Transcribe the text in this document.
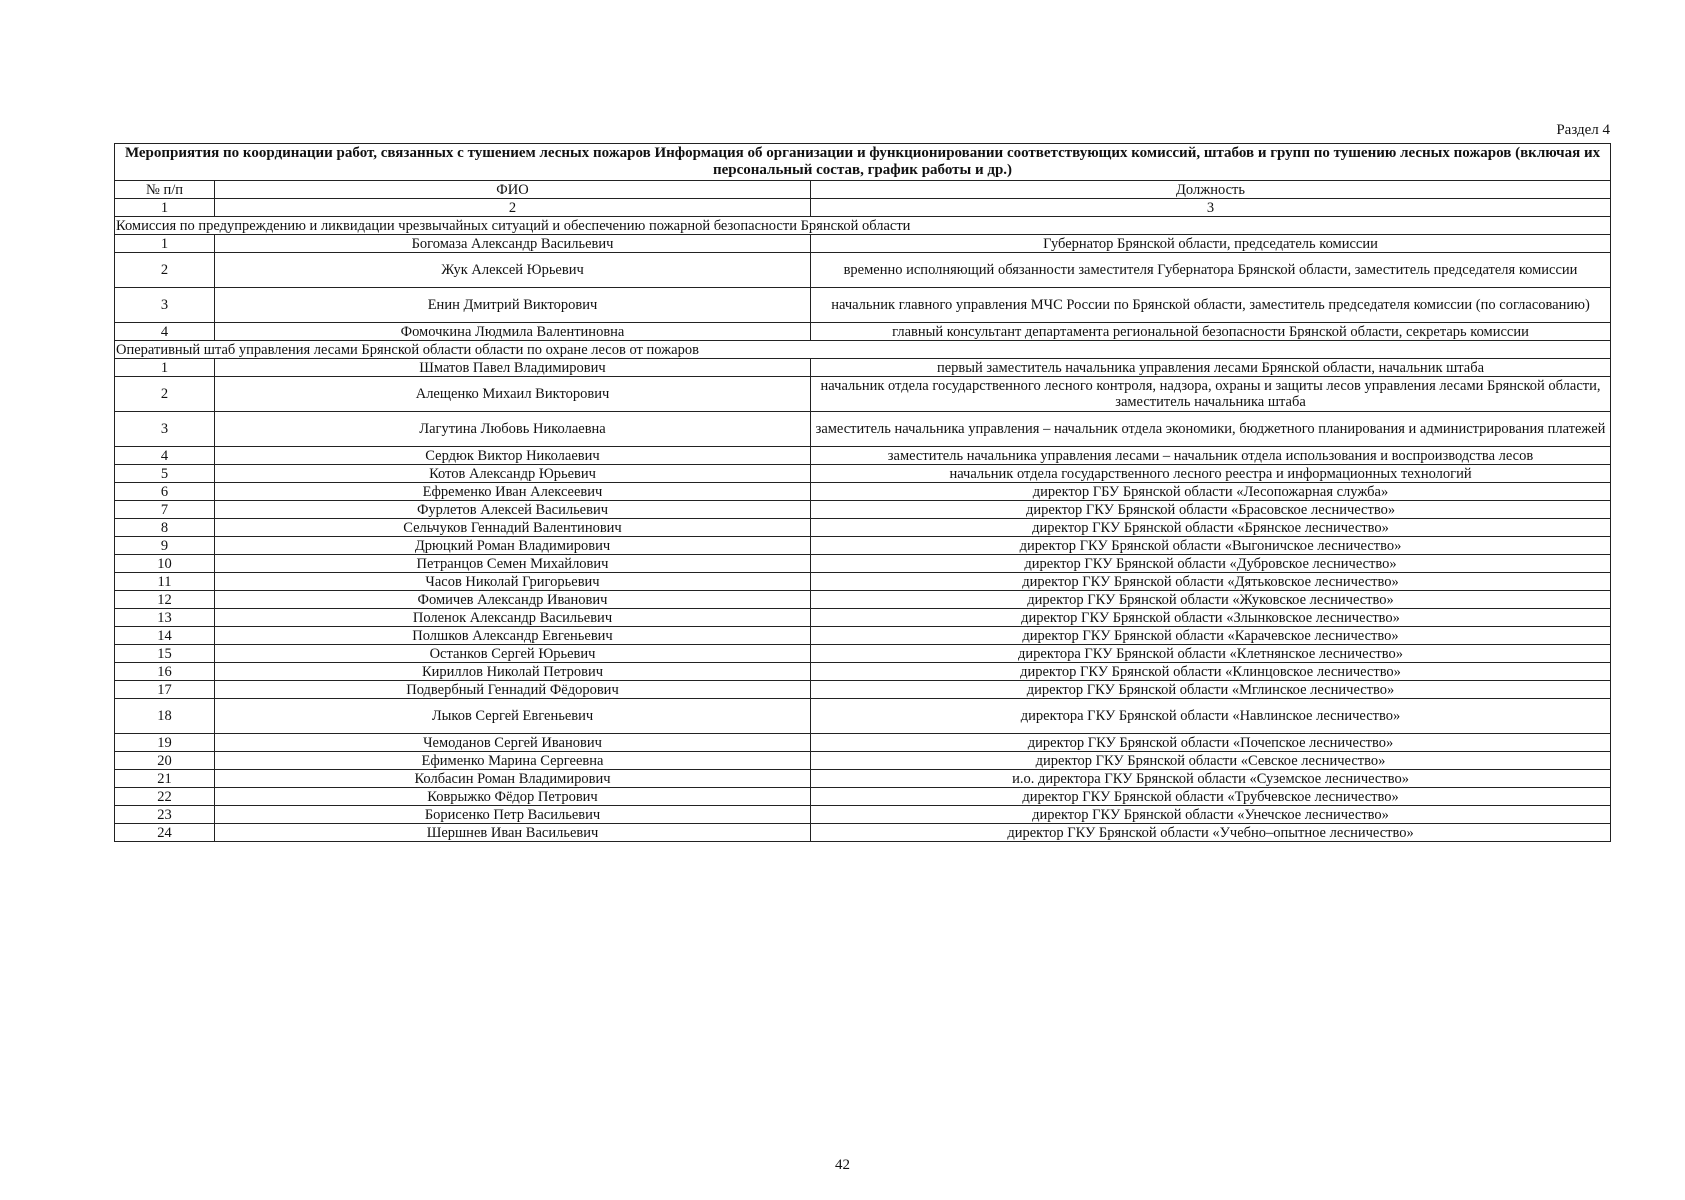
Раздел 4
Мероприятия по координации работ, связанных с тушением лесных пожаров Информация об организации и функционировании соответствующих комиссий, штабов и групп по тушению лесных пожаров (включая их персональный состав, график работы и др.)		
№ п/п	ФИО	Должность
1	2	3
Комиссия по предупреждению и ликвидации чрезвычайных ситуаций и обеспечению пожарной безопасности Брянской области		
1	Богомаза Александр Васильевич	Губернатор Брянской области, председатель комиссии
2	Жук Алексей Юрьевич	временно исполняющий обязанности заместителя Губернатора Брянской области, заместитель председателя комиссии
3	Енин Дмитрий Викторович	начальник главного управления МЧС России по Брянской области, заместитель председателя комиссии (по согласованию)
4	Фомочкина Людмила Валентиновна	главный консультант департамента региональной безопасности Брянской области, секретарь комиссии
Оперативный штаб управления лесами Брянской области области по охране лесов от пожаров		
1	Шматов Павел Владимирович	первый заместитель начальника управления лесами Брянской области, начальник штаба
2	Алещенко Михаил Викторович	начальник отдела государственного лесного контроля, надзора, охраны и защиты лесов управления лесами Брянской области, заместитель начальника штаба
3	Лагутина Любовь Николаевна	заместитель начальника управления – начальник отдела экономики, бюджетного планирования и администрирования платежей
4	Сердюк Виктор Николаевич	заместитель начальника управления лесами – начальник отдела использования и воспроизводства лесов
5	Котов Александр Юрьевич	начальник отдела государственного лесного реестра и информационных технологий
6	Ефременко Иван Алексеевич	директор ГБУ Брянской области «Лесопожарная служба»
7	Фурлетов Алексей Васильевич	директор ГКУ Брянской области «Брасовское лесничество»
8	Сельчуков Геннадий Валентинович	директор ГКУ Брянской области «Брянское лесничество»
9	Дрюцкий Роман Владимирович	директор ГКУ Брянской области «Выгоничское лесничество»
10	Петранцов Семен Михайлович	директор ГКУ Брянской области «Дубровское лесничество»
11	Часов Николай Григорьевич	директор ГКУ Брянской области «Дятьковское лесничество»
12	Фомичев Александр Иванович	директор ГКУ Брянской области «Жуковское лесничество»
13	Поленок Александр Васильевич	директор ГКУ Брянской области «Злынковское лесничество»
14	Полшков Александр Евгеньевич	директор ГКУ Брянской области «Карачевское лесничество»
15	Останков Сергей Юрьевич	директора ГКУ Брянской области «Клетнянское лесничество»
16	Кириллов Николай Петрович	директор ГКУ Брянской области «Клинцовское лесничество»
17	Подвербный Геннадий Фёдорович	директор ГКУ Брянской области «Мглинское лесничество»
18	Лыков Сергей Евгеньевич	директора ГКУ Брянской области «Навлинское лесничество»
19	Чемоданов Сергей Иванович	директор ГКУ Брянской области «Почепское лесничество»
20	Ефименко Марина Сергеевна	директор ГКУ Брянской области «Севское лесничество»
21	Колбасин Роман Владимирович	и.о. директора ГКУ Брянской области «Суземское лесничество»
22	Коврыжко Фёдор Петрович	директор ГКУ Брянской области «Трубчевское лесничество»
23	Борисенко Петр Васильевич	директор ГКУ Брянской области «Унечское лесничество»
24	Шершнев Иван Васильевич	директор ГКУ Брянской области «Учебно–опытное лесничество»
42
